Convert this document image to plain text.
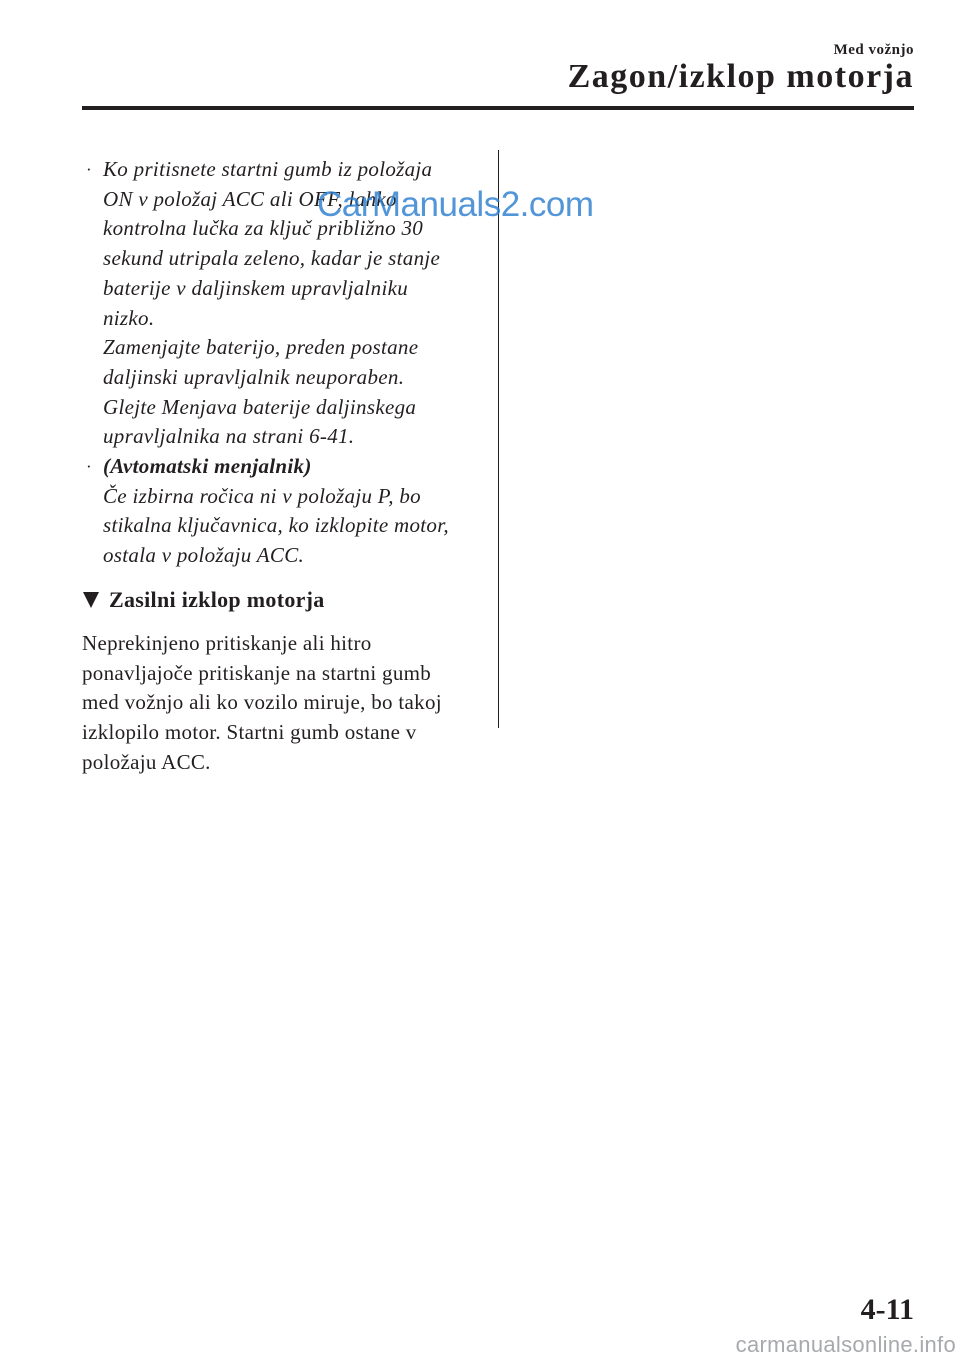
Med vožnjo
Zagon/izklop motorja
· Ko pritisnete startni gumb iz položaja

ON v položaj ACC ali OFF, lahko

kontrolna lučka za ključ približno 30

sekund utripala zeleno, kadar je stanje

baterije v daljinskem upravljalniku

nizko.

Zamenjajte baterijo, preden postane

daljinski upravljalnik neuporaben.

Glejte Menjava baterije daljinskega

upravljalnika na strani 6-41.

· (Avtomatski menjalnik)

Če izbirna ročica ni v položaju P, bo

stikalna ključavnica, ko izklopite motor,

ostala v položaju ACC.

Zasilni izklop motorja
Neprekinjeno pritiskanje ali hitro
ponavljajoče pritiskanje na startni gumb
med vožnjo ali ko vozilo miruje, bo takoj
izklopilo motor. Startni gumb ostane v
položaju ACC.
CarManuals2.com
4-11
carmanualsonline.info
